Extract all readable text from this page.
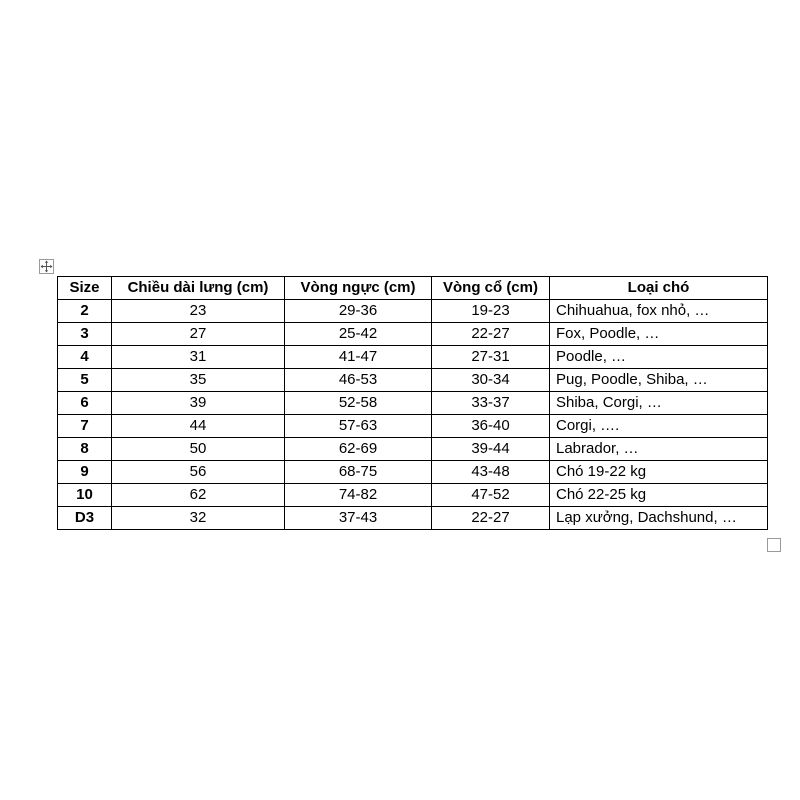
Size	Chiều dài lưng (cm)	Vòng ngực (cm)	Vòng cổ (cm)	Loại chó
2	23	29-36	19-23	Chihuahua, fox nhỏ, …
3	27	25-42	22-27	Fox, Poodle, …
4	31	41-47	27-31	Poodle, …
5	35	46-53	30-34	Pug, Poodle, Shiba, …
6	39	52-58	33-37	Shiba, Corgi, …
7	44	57-63	36-40	Corgi, ….
8	50	62-69	39-44	Labrador, …
9	56	68-75	43-48	Chó 19-22 kg
10	62	74-82	47-52	Chó 22-25 kg
D3	32	37-43	22-27	Lạp xưởng, Dachshund, …
